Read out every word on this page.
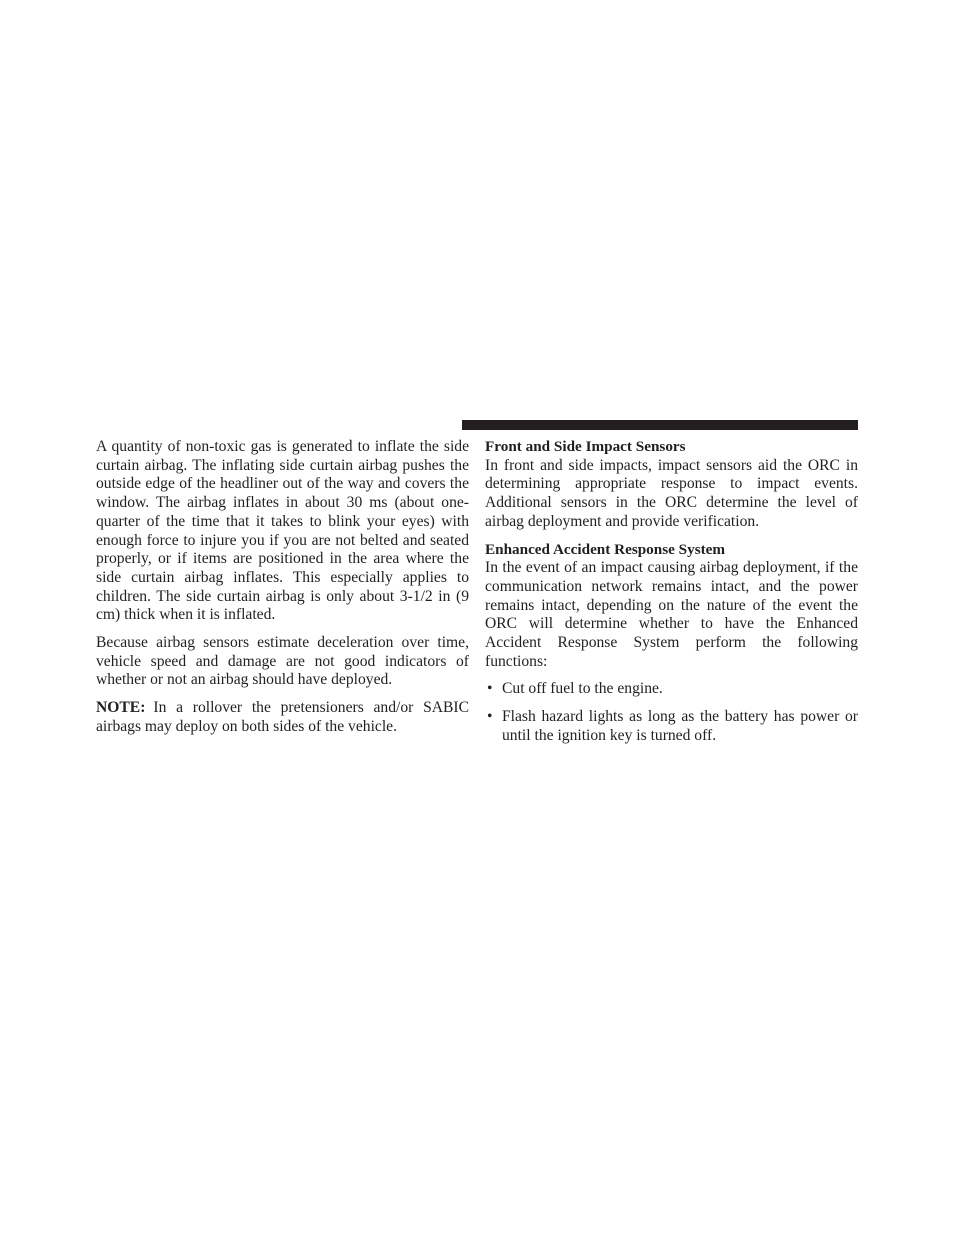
A quantity of non-toxic gas is generated to inflate the side curtain airbag. The inflating side curtain airbag pushes the outside edge of the headliner out of the way and covers the window. The airbag inflates in about 30 ms (about one-quarter of the time that it takes to blink your eyes) with enough force to injure you if you are not belted and seated properly, or if items are positioned in the area where the side curtain airbag inflates. This especially applies to children. The side curtain airbag is only about 3-1/2 in (9 cm) thick when it is inflated.

Because airbag sensors estimate deceleration over time, vehicle speed and damage are not good indicators of whether or not an airbag should have deployed.

NOTE: In a rollover the pretensioners and/or SABIC airbags may deploy on both sides of the vehicle.

Front and Side Impact Sensors

In front and side impacts, impact sensors aid the ORC in determining appropriate response to impact events. Additional sensors in the ORC determine the level of airbag deployment and provide verification.

Enhanced Accident Response System

In the event of an impact causing airbag deployment, if the communication network remains intact, and the power remains intact, depending on the nature of the event the ORC will determine whether to have the Enhanced Accident Response System perform the following functions:

• Cut off fuel to the engine.
• Flash hazard lights as long as the battery has power or until the ignition key is turned off.
